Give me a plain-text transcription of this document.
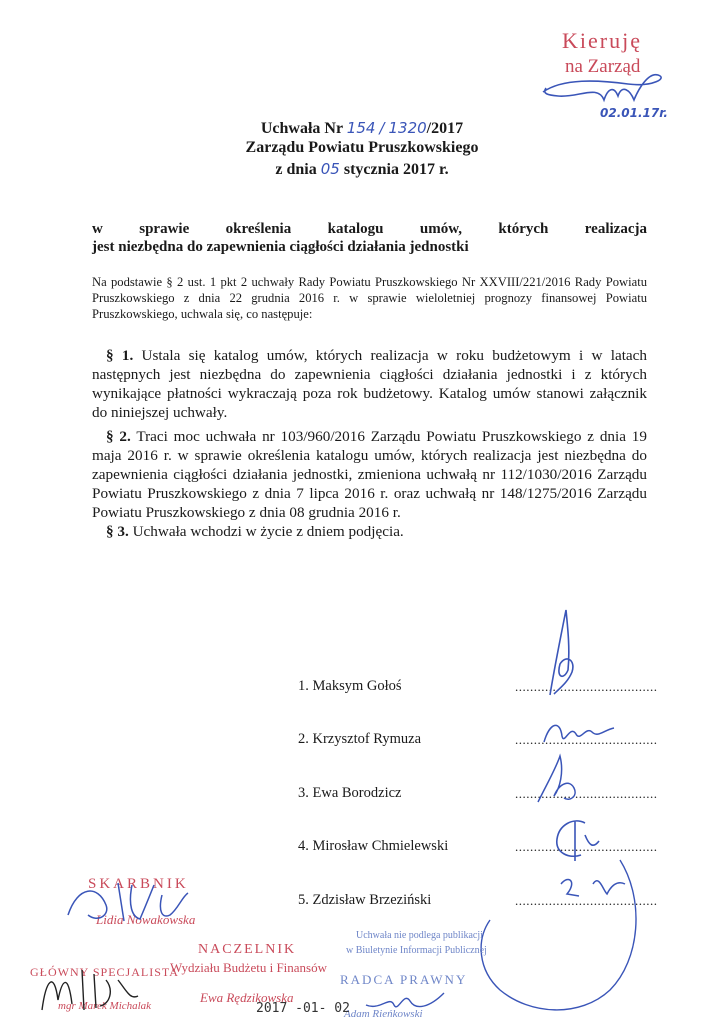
Kieruję
na Zarząd
02.01.17r.
Uchwała Nr 154 / 1320/2017
Zarządu Powiatu Pruszkowskiego
z dnia 05 stycznia 2017 r.
w sprawie określenia katalogu umów, których realizacja
jest niezbędna do zapewnienia ciągłości działania jednostki
Na podstawie § 2 ust. 1 pkt 2 uchwały Rady Powiatu Pruszkowskiego Nr XXVIII/221/2016 Rady Powiatu Pruszkowskiego z dnia 22 grudnia 2016 r. w sprawie wieloletniej prognozy finansowej Powiatu Pruszkowskiego, uchwala się, co następuje:
§ 1. Ustala się katalog umów, których realizacja w roku budżetowym i w latach następnych jest niezbędna do zapewnienia ciągłości działania jednostki i z których wynikające płatności wykraczają poza rok budżetowy. Katalog umów stanowi załącznik do niniejszej uchwały.
§ 2. Traci moc uchwała nr 103/960/2016 Zarządu Powiatu Pruszkowskiego z dnia 19 maja 2016 r. w sprawie określenia katalogu umów, których realizacja jest niezbędna do zapewnienia ciągłości działania jednostki, zmieniona uchwałą nr 112/1030/2016 Zarządu Powiatu Pruszkowskiego z dnia 7 lipca 2016 r. oraz uchwałą nr 148/1275/2016 Zarządu Powiatu Pruszkowskiego z dnia 08 grudnia 2016 r.
§ 3. Uchwała wchodzi w życie z dniem podjęcia.
1. Maksym Gołoś	......................................
2. Krzysztof Rymuza	......................................
3. Ewa Borodzicz	......................................
4. Mirosław Chmielewski	......................................
5. Zdzisław Brzeziński	......................................
SKARBNIK
Lidia Nowakowska
NACZELNIK
Wydziału Budżetu i Finansów
Ewa Rędzikowska
GŁÓWNY SPECJALISTA
mgr Marek Michalak
Uchwała nie podlega publikacji
w Biuletynie Informacji Publicznej
RADCA PRAWNY
Adam Rieńkowski
2017 -01- 02
